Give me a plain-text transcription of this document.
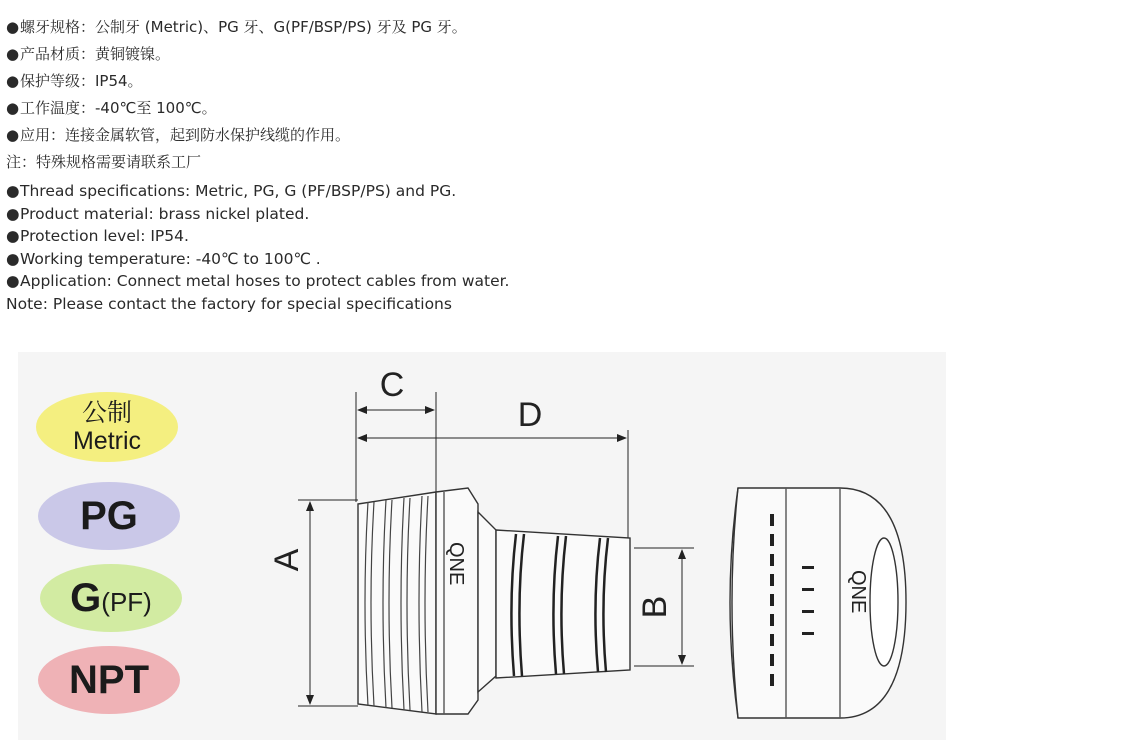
●螺牙规格：公制牙 (Metric)、PG 牙、G(PF/BSP/PS) 牙及 PG 牙。
●产品材质：黄铜镀镍。
●保护等级：IP54。
●工作温度：-40℃至 100℃。
●应用：连接金属软管，起到防水保护线缆的作用。
注：特殊规格需要请联系工厂
●Thread specifications: Metric, PG, G (PF/BSP/PS) and PG.
●Product material: brass nickel plated.
●Protection level: IP54.
●Working temperature: -40℃ to 100℃ .
●Application: Connect metal hoses to protect cables from water.
Note: Please contact the factory for special specifications
公制
Metric
PG
G(PF)
NPT
C
D
A
B
QNE
QNE
